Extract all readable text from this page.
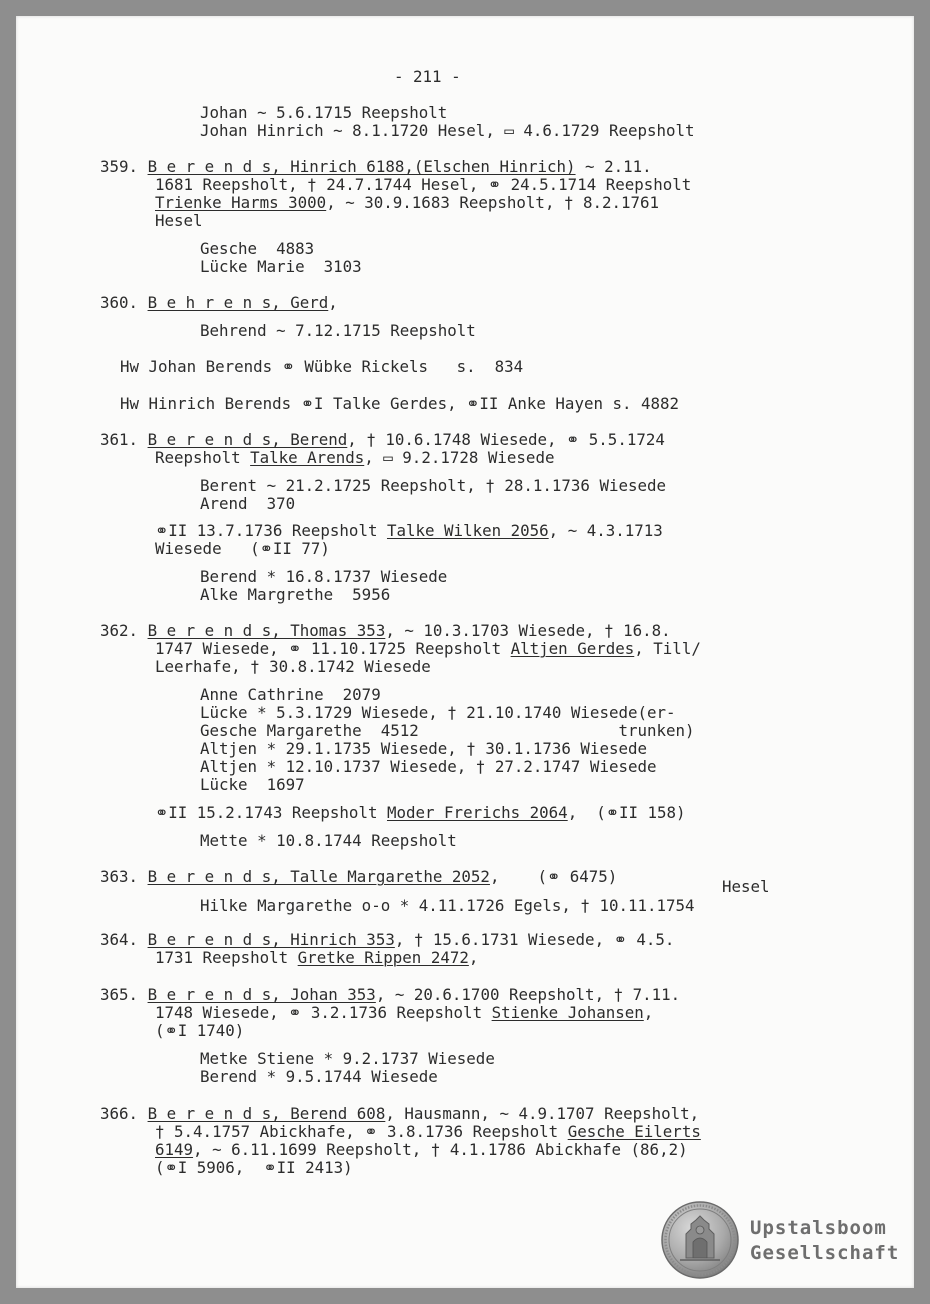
- 211 -
Johan ~ 5.6.1715 Reepsholt
Johan Hinrich ~ 8.1.1720 Hesel, ▭ 4.6.1729 Reepsholt
359. B e r e n d s, Hinrich 6188,(Elschen Hinrich) ~ 2.11.
1681 Reepsholt, † 24.7.1744 Hesel, ⚭ 24.5.1714 Reepsholt
Trienke Harms 3000, ~ 30.9.1683 Reepsholt, † 8.2.1761
Hesel
Gesche  4883
Lücke Marie  3103
360. B e h r e n s, Gerd,
Behrend ~ 7.12.1715 Reepsholt
Hw Johan Berends ⚭ Wübke Rickels   s.  834
Hw Hinrich Berends ⚭I Talke Gerdes, ⚭II Anke Hayen s. 4882
361. B e r e n d s, Berend, † 10.6.1748 Wiesede, ⚭ 5.5.1724
Reepsholt Talke Arends, ▭ 9.2.1728 Wiesede
Berent ~ 21.2.1725 Reepsholt, † 28.1.1736 Wiesede
Arend  370
⚭II 13.7.1736 Reepsholt Talke Wilken 2056, ~ 4.3.1713
Wiesede   (⚭II 77)
Berend * 16.8.1737 Wiesede
Alke Margrethe  5956
362. B e r e n d s, Thomas 353, ~ 10.3.1703 Wiesede, † 16.8.
1747 Wiesede, ⚭ 11.10.1725 Reepsholt Altjen Gerdes, Till/
Leerhafe, † 30.8.1742 Wiesede
Anne Cathrine  2079
Lücke * 5.3.1729 Wiesede, † 21.10.1740 Wiesede(er-
Gesche Margarethe  4512                     trunken)
Altjen * 29.1.1735 Wiesede, † 30.1.1736 Wiesede
Altjen * 12.10.1737 Wiesede, † 27.2.1747 Wiesede
Lücke  1697
⚭II 15.2.1743 Reepsholt Moder Frerichs 2064,  (⚭II 158)
Mette * 10.8.1744 Reepsholt
363. B e r e n d s, Talle Margarethe 2052,    (⚭ 6475)
Hesel
Hilke Margarethe o-o * 4.11.1726 Egels, † 10.11.1754
364. B e r e n d s, Hinrich 353, † 15.6.1731 Wiesede, ⚭ 4.5.
1731 Reepsholt Gretke Rippen 2472,
365. B e r e n d s, Johan 353, ~ 20.6.1700 Reepsholt, † 7.11.
1748 Wiesede, ⚭ 3.2.1736 Reepsholt Stienke Johansen,
(⚭I 1740)
Metke Stiene * 9.2.1737 Wiesede
Berend * 9.5.1744 Wiesede
366. B e r e n d s, Berend 608, Hausmann, ~ 4.9.1707 Reepsholt,
† 5.4.1757 Abickhafe, ⚭ 3.8.1736 Reepsholt Gesche Eilerts
6149, ~ 6.11.1699 Reepsholt, † 4.1.1786 Abickhafe (86,2)
(⚭I 5906,  ⚭II 2413)
Upstalsboom
Gesellschaft
